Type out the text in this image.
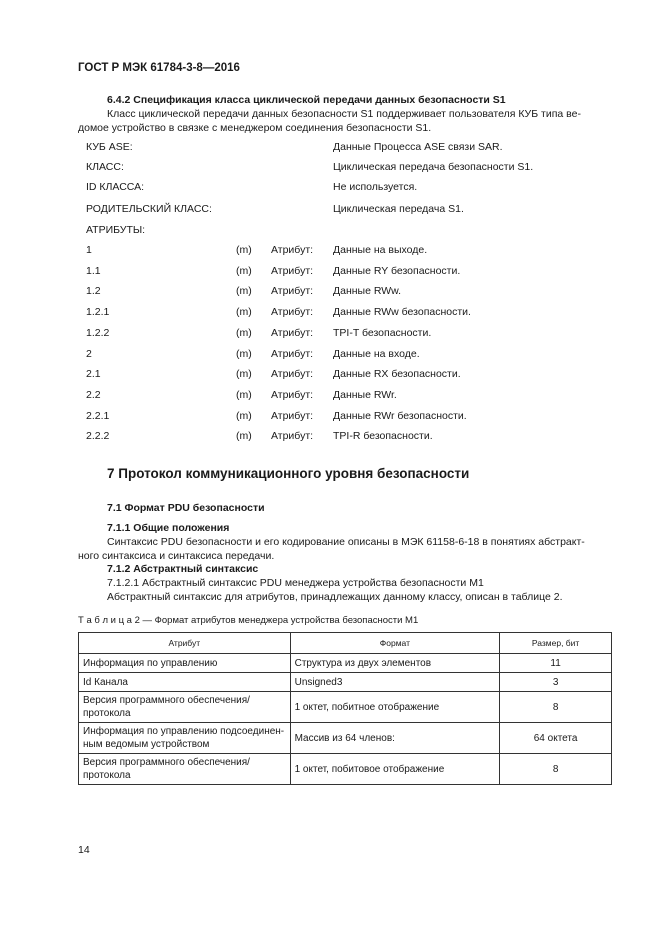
ГОСТ Р МЭК 61784-3-8—2016
6.4.2 Спецификация класса циклической передачи данных безопасности S1
Класс циклической передачи данных безопасности S1 поддерживает пользователя КУБ типа ве-
домое устройство в связке с менеджером соединения безопасности S1.
КУБ ASE:	Данные Процесса ASE связи SAR.
КЛАСС:	Циклическая передача безопасности S1.
ID КЛАССА:	Не используется.
РОДИТЕЛЬСКИЙ КЛАСС:	Циклическая передача S1.
АТРИБУТЫ:
1	(m) Атрибут: Данные на выходе.
1.1	(m) Атрибут: Данные RY безопасности.
1.2	(m) Атрибут: Данные RWw.
1.2.1	(m) Атрибут: Данные RWw безопасности.
1.2.2	(m) Атрибут: TPI-T безопасности.
2	(m) Атрибут: Данные на входе.
2.1	(m) Атрибут: Данные RX безопасности.
2.2	(m) Атрибут: Данные RWr.
2.2.1	(m) Атрибут: Данные RWr безопасности.
2.2.2	(m) Атрибут: TPI-R безопасности.
7 Протокол коммуникационного уровня безопасности
7.1 Формат PDU безопасности
7.1.1 Общие положения
Синтаксис PDU безопасности и его кодирование описаны в МЭК 61158-6-18 в понятиях абстракт-
ного синтаксиса и синтаксиса передачи.
7.1.2 Абстрактный синтаксис
7.1.2.1 Абстрактный синтаксис PDU менеджера устройства безопасности M1
Абстрактный синтаксис для атрибутов, принадлежащих данному классу, описан в таблице 2.
Т а б л и ц а 2 — Формат атрибутов менеджера устройства безопасности M1
Атрибут	Формат	Размер, бит

Информация по управлению	Структура из двух элементов	11

Id Канала	Unsigned3	3

Версия программного обеспечения/
протокола	1 октет, побитное отображение	8

Информация по управлению подсоединен-
ным ведомым устройством	Массив из 64 членов:	64 октета

Версия программного обеспечения/
протокола	1 октет, побитовое отображение	8
14
